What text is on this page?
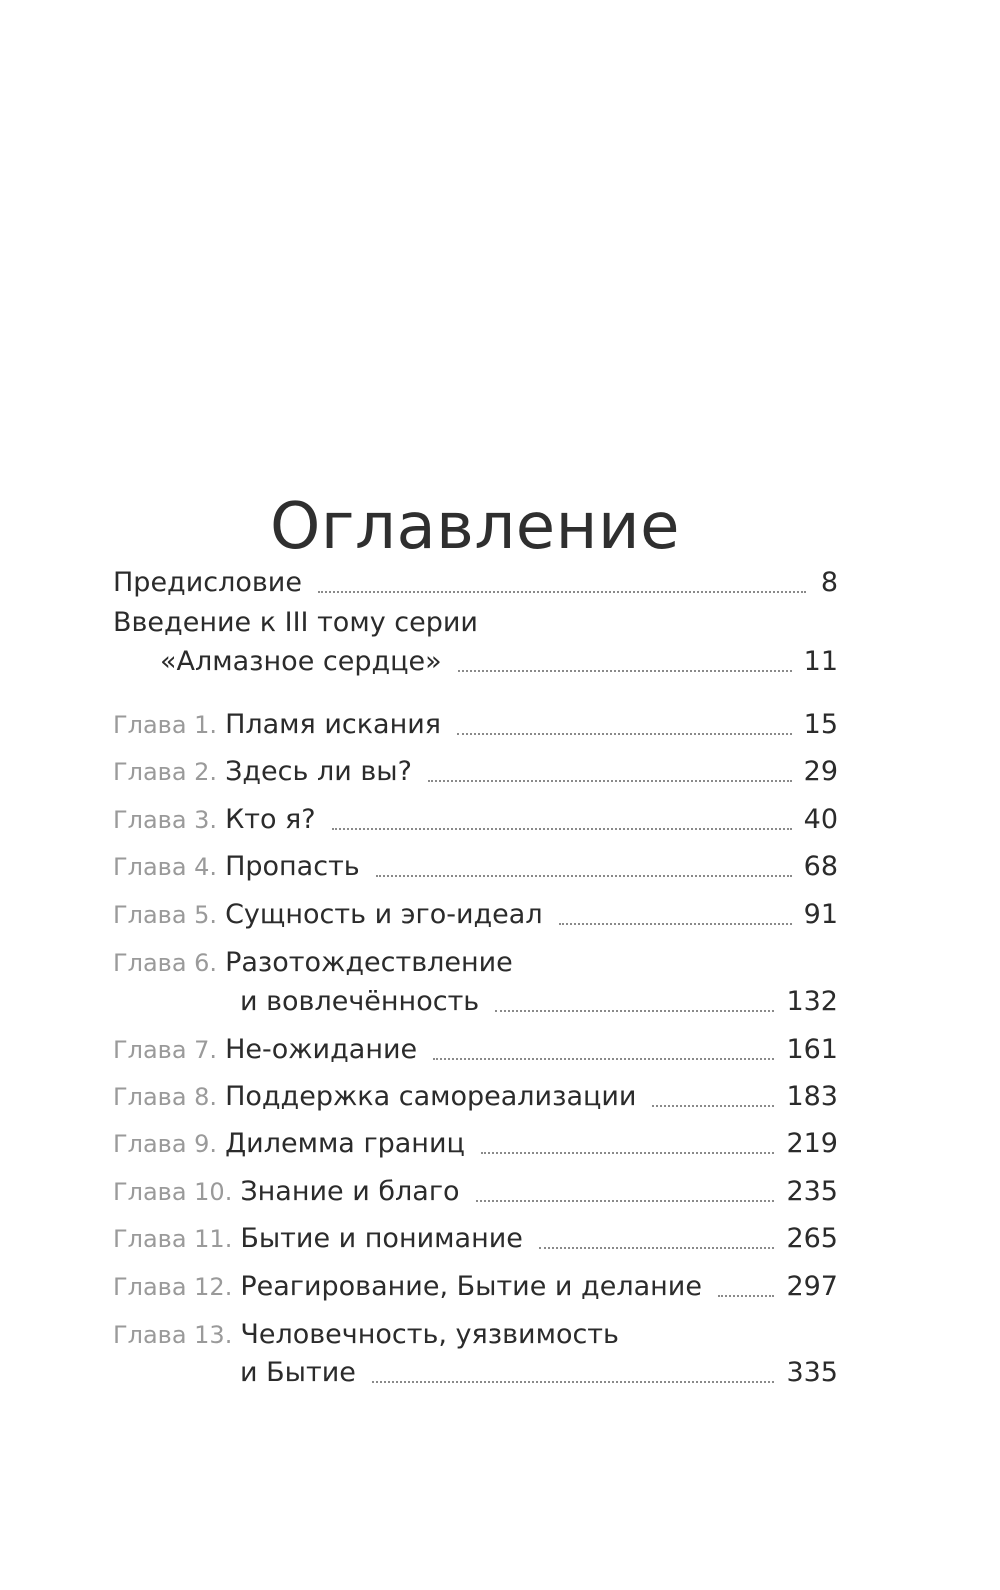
Оглавление
Предисловие	8
Введение к III тому серии
«Алмазное сердце»	11
Глава 1. Пламя искания	15
Глава 2. Здесь ли вы?	29
Глава 3. Кто я?	40
Глава 4. Пропасть	68
Глава 5. Сущность и эго-идеал	91
Глава 6. Разотождествление
и вовлечённость	132
Глава 7. Не-ожидание	161
Глава 8. Поддержка самореализации	183
Глава 9. Дилемма границ	219
Глава 10. Знание и благо	235
Глава 11. Бытие и понимание	265
Глава 12. Реагирование, Бытие и делание	297
Глава 13. Человечность, уязвимость
и Бытие	335
